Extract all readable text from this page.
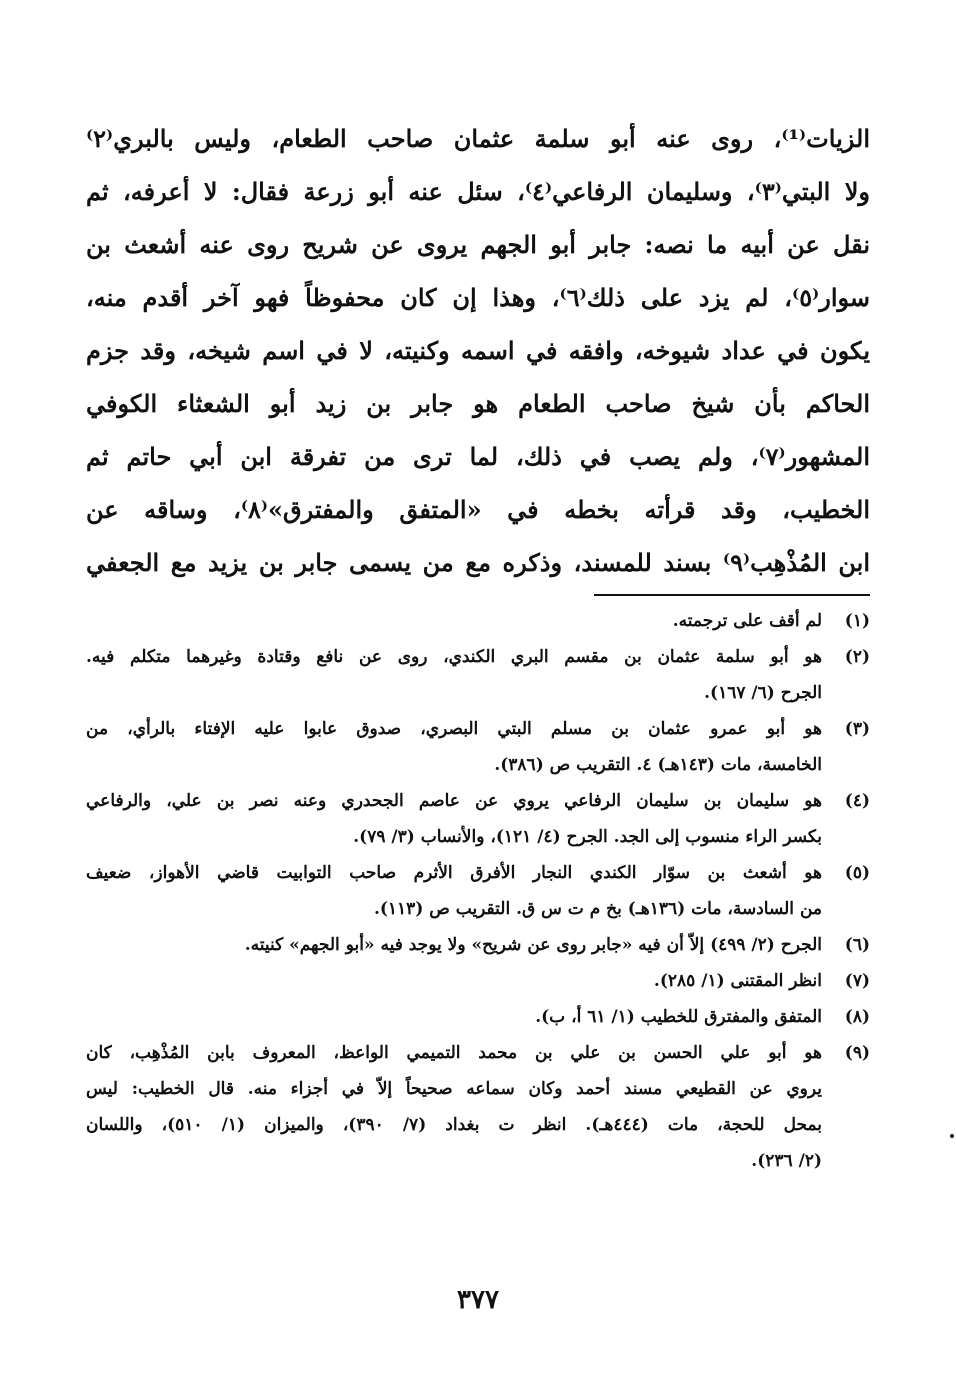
الزيات⁽¹⁾، روى عنه أبو سلمة عثمان صاحب الطعام، وليس بالبري⁽٢⁾
ولا البتي⁽٣⁾، وسليمان الرفاعي⁽٤⁾، سئل عنه أبو زرعة فقال: لا أعرفه، ثم
نقل عن أبيه ما نصه: جابر أبو الجهم يروى عن شريح روى عنه أشعث بن
سوار⁽٥⁾، لم يزد على ذلك⁽٦⁾، وهذا إن كان محفوظاً فهو آخر أقدم منه،
يكون في عداد شيوخه، وافقه في اسمه وكنيته، لا في اسم شيخه، وقد جزم
الحاكم بأن شيخ صاحب الطعام هو جابر بن زيد أبو الشعثاء الكوفي
المشهور⁽٧⁾، ولم يصب في ذلك، لما ترى من تفرقة ابن أبي حاتم ثم
الخطيب، وقد قرأته بخطه في «المتفق والمفترق»⁽٨⁾، وساقه عن
ابن المُذْهِب⁽٩⁾ بسند للمسند، وذكره مع من يسمى جابر بن يزيد مع الجعفي
(١)
لم أقف على ترجمته.
(٢)
هو أبو سلمة عثمان بن مقسم البري الكندي، روى عن نافع وقتادة وغيرهما متكلم فيه.
الجرح (٦/ ١٦٧).
(٣)
هو أبو عمرو عثمان بن مسلم البتي البصري، صدوق عابوا عليه الإفتاء بالرأي، من
الخامسة، مات (١٤٣هـ) ٤. التقريب ص (٣٨٦).
(٤)
هو سليمان بن سليمان الرفاعي يروي عن عاصم الجحدري وعنه نصر بن علي، والرفاعي
بكسر الراء منسوب إلى الجد. الجرح (٤/ ١٢١)، والأنساب (٣/ ٧٩).
(٥)
هو أشعث بن سوّار الكندي النجار الأفرق الأثرم صاحب التوابيت قاضي الأهواز، ضعيف
من السادسة، مات (١٣٦هـ) بخ م ت س ق. التقريب ص (١١٣).
(٦)
الجرح (٢/ ٤٩٩) إلاّ أن فيه «جابر روى عن شريح» ولا يوجد فيه «أبو الجهم» كنيته.
(٧)
انظر المقتنى (١/ ٢٨٥).
(٨)
المتفق والمفترق للخطيب (١/ ٦١ أ، ب).
(٩)
هو أبو علي الحسن بن علي بن محمد التميمي الواعظ، المعروف بابن المُذْهِب، كان
يروي عن القطيعي مسند أحمد وكان سماعه صحيحاً إلاّ في أجزاء منه. قال الخطيب: ليس
بمحل للحجة، مات (٤٤٤هـ). انظر ت بغداد (٧/ ٣٩٠)، والميزان (١/ ٥١٠)، واللسان
(٢/ ٢٣٦).
٣٧٧
